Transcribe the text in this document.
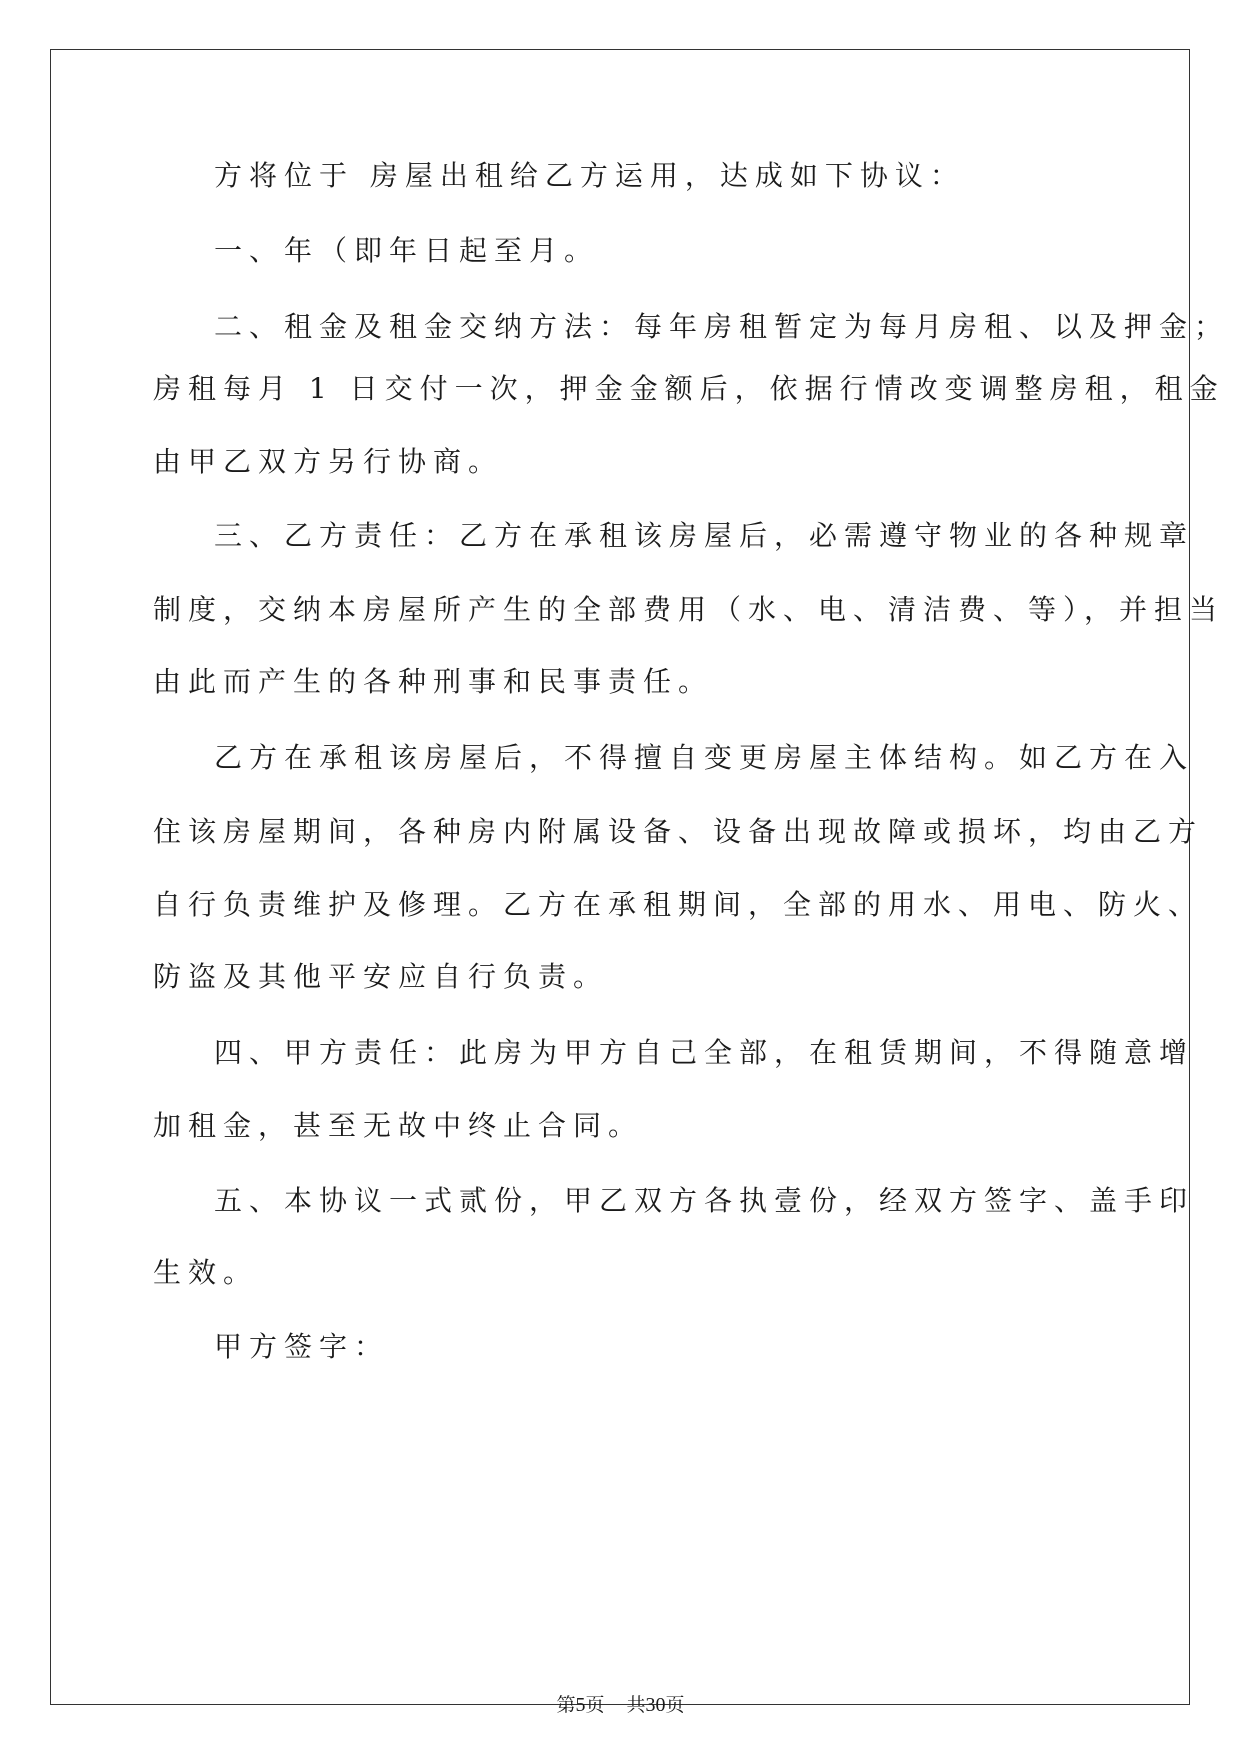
方将位于 房屋出租给乙方运用，达成如下协议：
一、年（即年日起至月。
二、租金及租金交纳方法：每年房租暂定为每月房租、以及押金；
房租每月 1 日交付一次，押金金额后，依据行情改变调整房租，租金
由甲乙双方另行协商。
三、乙方责任：乙方在承租该房屋后，必需遵守物业的各种规章
制度，交纳本房屋所产生的全部费用（水、电、清洁费、等），并担当
由此而产生的各种刑事和民事责任。
乙方在承租该房屋后，不得擅自变更房屋主体结构。如乙方在入
住该房屋期间，各种房内附属设备、设备出现故障或损坏，均由乙方
自行负责维护及修理。乙方在承租期间，全部的用水、用电、防火、
防盗及其他平安应自行负责。
四、甲方责任：此房为甲方自己全部，在租赁期间，不得随意增
加租金，甚至无故中终止合同。
五、本协议一式贰份，甲乙双方各执壹份，经双方签字、盖手印
生效。
甲方签字：
第5页 共30页
